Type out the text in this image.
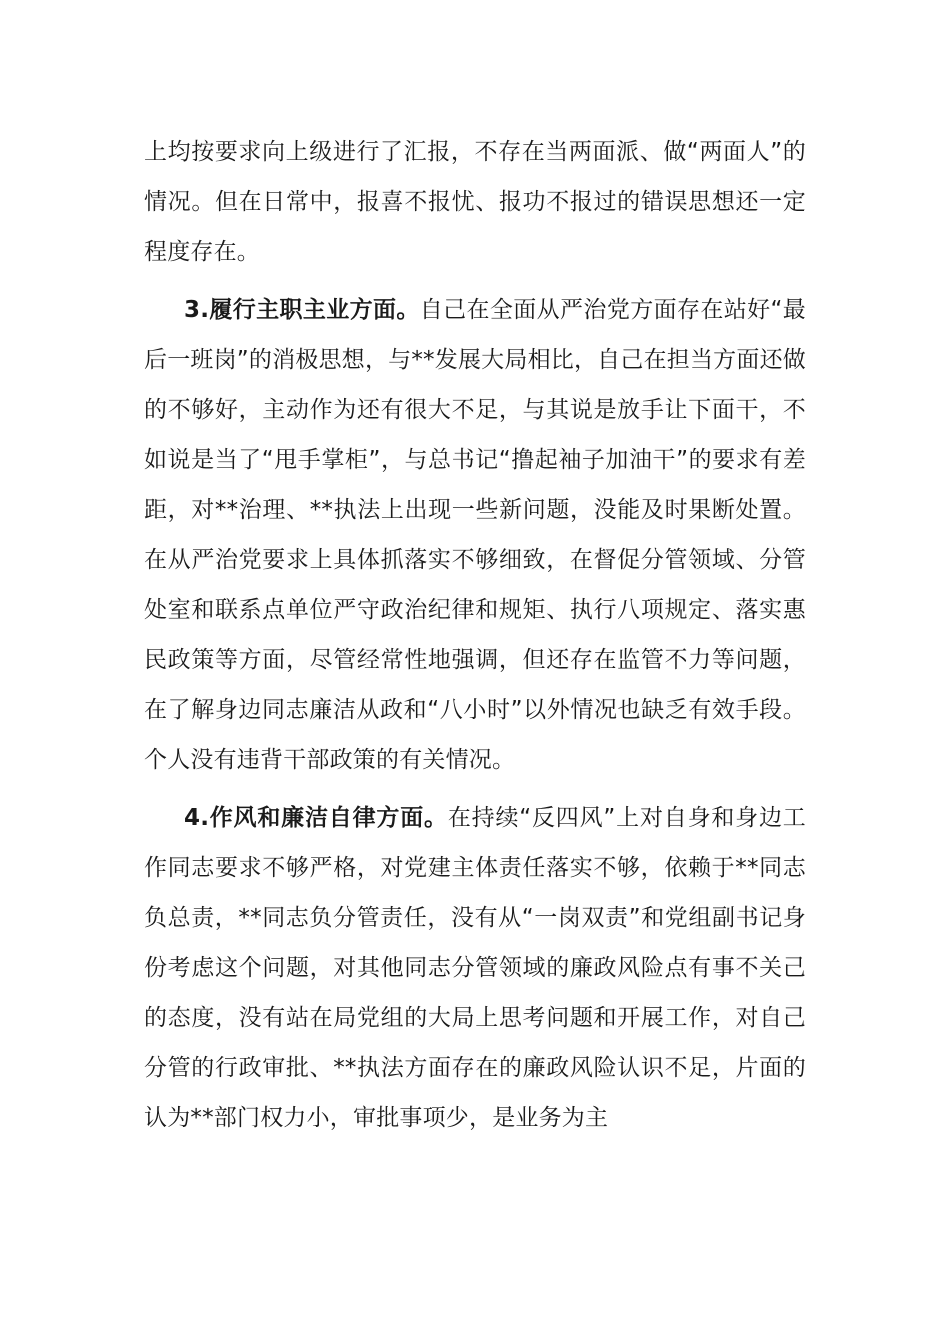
上均按要求向上级进行了汇报，不存在当两面派、做“两面人”的情况。但在日常中，报喜不报忧、报功不报过的错误思想还一定程度存在。

3.履行主职主业方面。自己在全面从严治党方面存在站好“最后一班岗”的消极思想，与**发展大局相比，自己在担当方面还做的不够好，主动作为还有很大不足，与其说是放手让下面干，不如说是当了“甩手掌柜”，与总书记“撸起袖子加油干”的要求有差距，对**治理、**执法上出现一些新问题，没能及时果断处置。在从严治党要求上具体抓落实不够细致，在督促分管领域、分管处室和联系点单位严守政治纪律和规矩、执行八项规定、落实惠民政策等方面，尽管经常性地强调，但还存在监管不力等问题，在了解身边同志廉洁从政和“八小时”以外情况也缺乏有效手段。个人没有违背干部政策的有关情况。

4.作风和廉洁自律方面。在持续“反四风”上对自身和身边工作同志要求不够严格，对党建主体责任落实不够，依赖于**同志负总责，**同志负分管责任，没有从“一岗双责”和党组副书记身份考虑这个问题，对其他同志分管领域的廉政风险点有事不关己的态度，没有站在局党组的大局上思考问题和开展工作，对自己分管的行政审批、**执法方面存在的廉政风险认识不足，片面的认为**部门权力小，审批事项少，是业务为主
